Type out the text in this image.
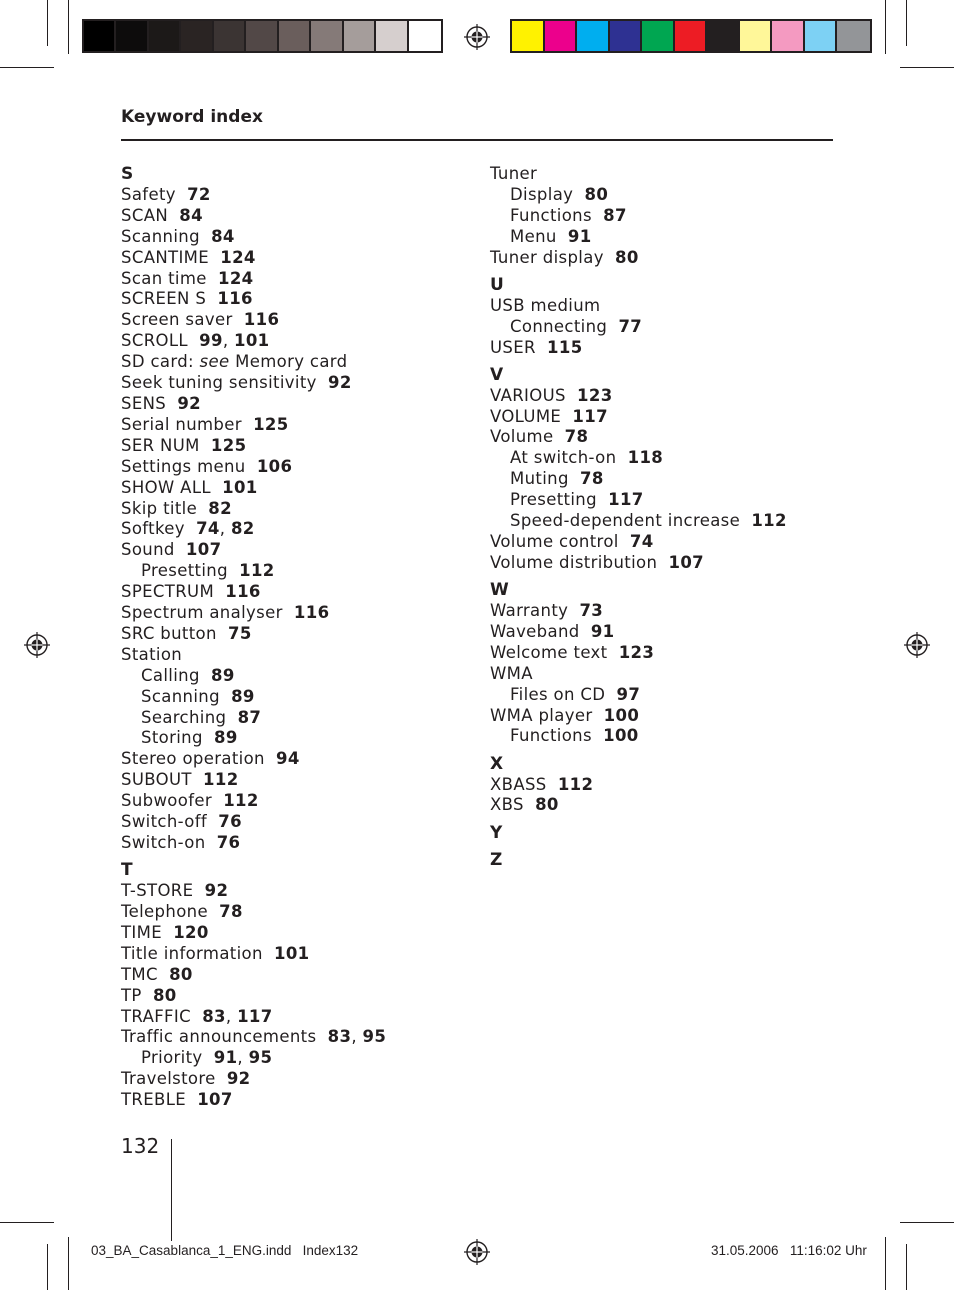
Keyword index
S
Safety 72
SCAN 84
Scanning 84
SCANTIME 124
Scan time 124
SCREEN S 116
Screen saver 116
SCROLL 99, 101
SD card: see Memory card
Seek tuning sensitivity 92
SENS 92
Serial number 125
SER NUM 125
Settings menu 106
SHOW ALL 101
Skip title 82
Softkey 74, 82
Sound 107
Presetting 112
SPECTRUM 116
Spectrum analyser 116
SRC button 75
Station
Calling 89
Scanning 89
Searching 87
Storing 89
Stereo operation 94
SUBOUT 112
Subwoofer 112
Switch-off 76
Switch-on 76
T
T-STORE 92
Telephone 78
TIME 120
Title information 101
TMC 80
TP 80
TRAFFIC 83, 117
Traffic announcements 83, 95
Priority 91, 95
Travelstore 92
TREBLE 107
Tuner
Display 80
Functions 87
Menu 91
Tuner display 80
U
USB medium
Connecting 77
USER 115
V
VARIOUS 123
VOLUME 117
Volume 78
At switch-on 118
Muting 78
Presetting 117
Speed-dependent increase 112
Volume control 74
Volume distribution 107
W
Warranty 73
Waveband 91
Welcome text 123
WMA
Files on CD 97
WMA player 100
Functions 100
X
XBASS 112
XBS 80
Y
Z
132
03_BA_Casablanca_1_ENG.indd   Index132	31.05.2006   11:16:02 Uhr
